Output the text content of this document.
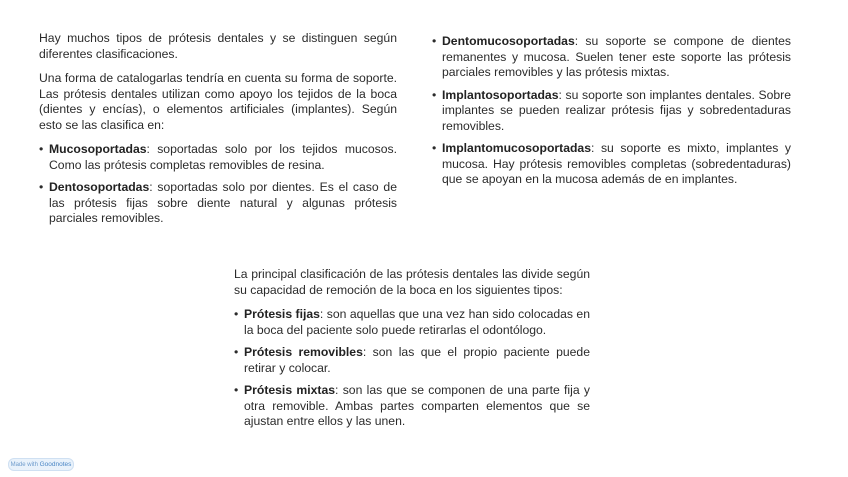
Hay muchos tipos de prótesis dentales y se distinguen según diferentes clasificaciones.

Una forma de catalogarlas tendría en cuenta su forma de soporte. Las prótesis dentales utilizan como apoyo los tejidos de la boca (dientes y encías), o elementos artificiales (implantes). Según esto se las clasifica en:

• Mucosoportadas: soportadas solo por los tejidos mucosos. Como las prótesis completas removibles de resina.
• Dentosoportadas: soportadas solo por dientes. Es el caso de las prótesis fijas sobre diente natural y algunas prótesis parciales removibles.
• Dentomucosoportadas: su soporte se compone de dientes remanentes y mucosa. Suelen tener este soporte las prótesis parciales removibles y las prótesis mixtas.
• Implantosoportadas: su soporte son implantes dentales. Sobre implantes se pueden realizar prótesis fijas y sobredentaduras removibles.
• Implantomucosoportadas: su soporte es mixto, implantes y mucosa. Hay prótesis removibles completas (sobredentaduras) que se apoyan en la mucosa además de en implantes.

La principal clasificación de las prótesis dentales las divide según su capacidad de remoción de la boca en los siguientes tipos:

• Prótesis fijas: son aquellas que una vez han sido colocadas en la boca del paciente solo puede retirarlas el odontólogo.
• Prótesis removibles: son las que el propio paciente puede retirar y colocar.
• Prótesis mixtas: son las que se componen de una parte fija y otra removible. Ambas partes comparten elementos que se ajustan entre ellos y las unen.
Made with Goodnotes
